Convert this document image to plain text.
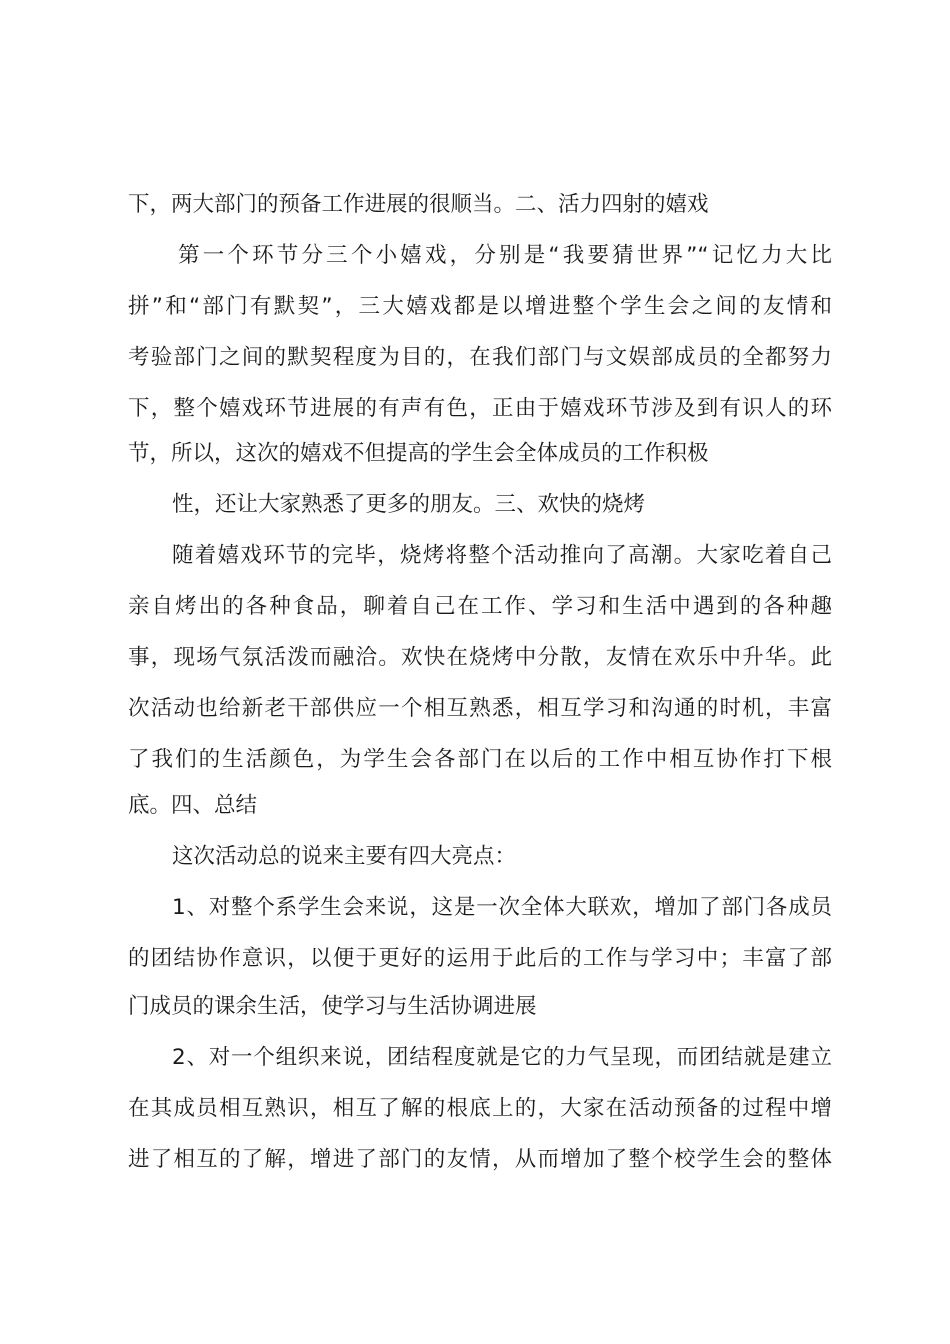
下，两大部门的预备工作进展的很顺当。二、活力四射的嬉戏

第一个环节分三个小嬉戏，分别是“我要猜世界”“记忆力大比

拼”和“部门有默契”，三大嬉戏都是以增进整个学生会之间的友情和

考验部门之间的默契程度为目的，在我们部门与文娱部成员的全都努力

下，整个嬉戏环节进展的有声有色，正由于嬉戏环节涉及到有识人的环

节，所以，这次的嬉戏不但提高的学生会全体成员的工作积极

性，还让大家熟悉了更多的朋友。三、欢快的烧烤

随着嬉戏环节的完毕，烧烤将整个活动推向了高潮。大家吃着自己

亲自烤出的各种食品，聊着自己在工作、学习和生活中遇到的各种趣

事，现场气氛活泼而融洽。欢快在烧烤中分散，友情在欢乐中升华。此

次活动也给新老干部供应一个相互熟悉，相互学习和沟通的时机，丰富

了我们的生活颜色，为学生会各部门在以后的工作中相互协作打下根

底。四、总结

这次活动总的说来主要有四大亮点：

1、对整个系学生会来说，这是一次全体大联欢，增加了部门各成员

的团结协作意识，以便于更好的运用于此后的工作与学习中；丰富了部

门成员的课余生活，使学习与生活协调进展

2、对一个组织来说，团结程度就是它的力气呈现，而团结就是建立

在其成员相互熟识，相互了解的根底上的，大家在活动预备的过程中增

进了相互的了解，增进了部门的友情，从而增加了整个校学生会的整体
